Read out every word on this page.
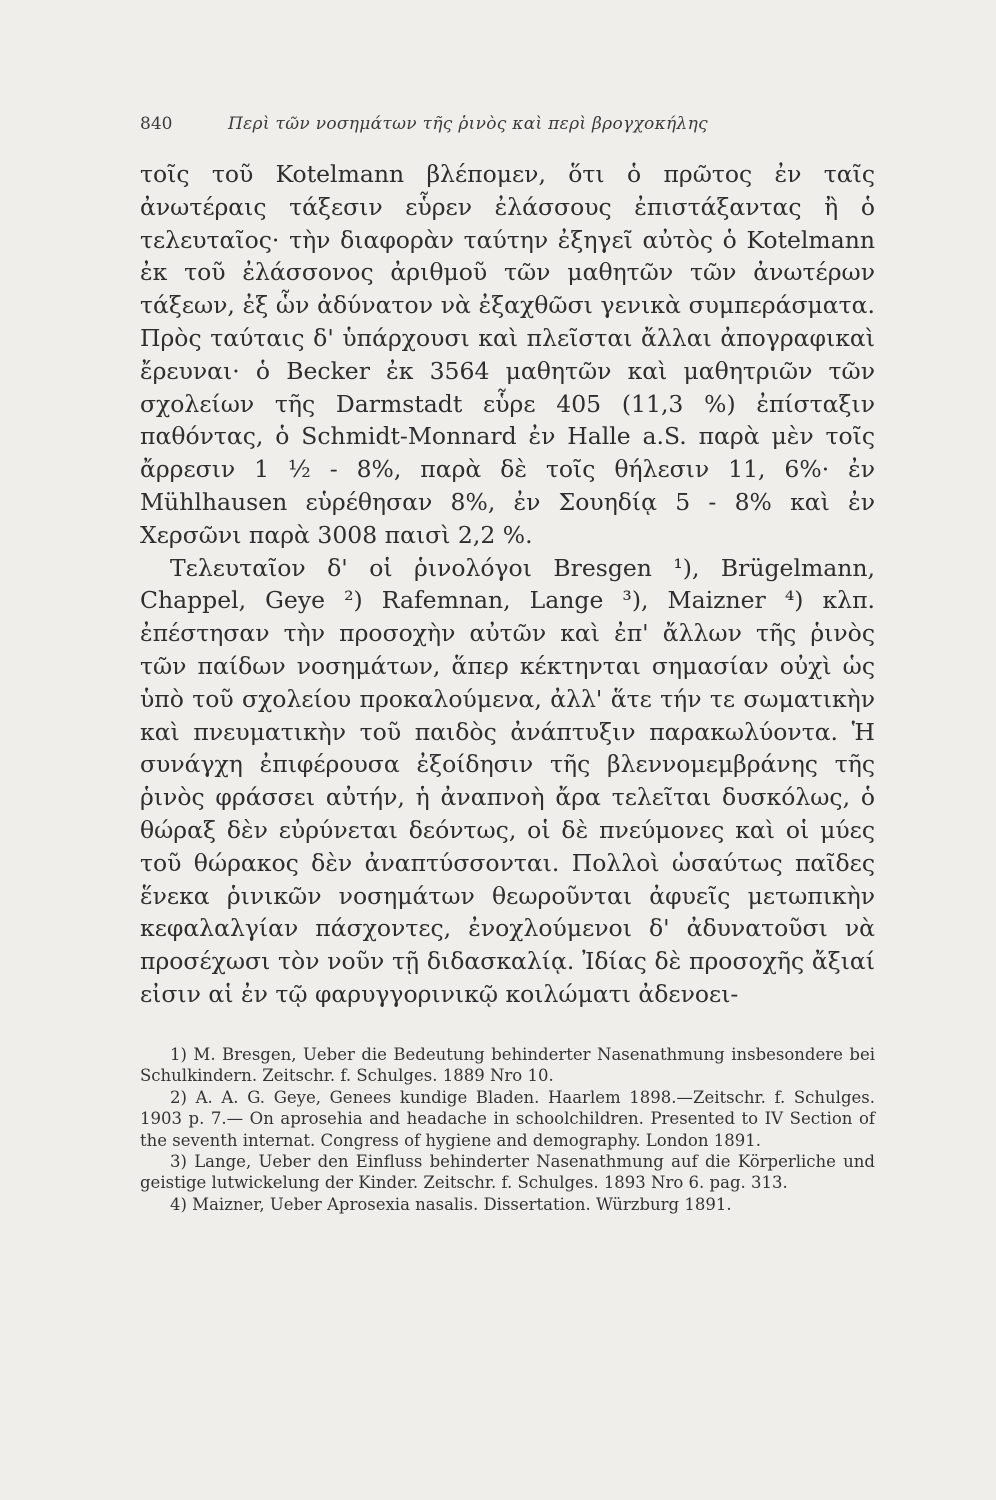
840	Περὶ τῶν νοσημάτων τῆς ῥινὸς καὶ περὶ βρογχοκήλης

τοῖς τοῦ Kotelmann βλέπομεν, ὅτι ὁ πρῶτος ἐν ταῖς ἀνωτέραις τάξεσιν εὗρεν ἐλάσσους ἐπιστάξαντας ἢ ὁ τελευταῖος· τὴν διαφορὰν ταύτην ἐξηγεῖ αὐτὸς ὁ Kotelmann ἐκ τοῦ ἐλάσσονος ἀριθμοῦ τῶν μαθητῶν τῶν ἀνωτέρων τάξεων, ἐξ ὧν ἀδύνατον νὰ ἐξαχθῶσι γενικὰ συμπεράσματα. Πρὸς ταύταις δ' ὑπάρχουσι καὶ πλεῖσται ἄλλαι ἀπογραφικαὶ ἔρευναι· ὁ Becker ἐκ 3564 μαθητῶν καὶ μαθητριῶν τῶν σχολείων τῆς Darmstadt εὗρε 405 (11,3 %) ἐπίσταξιν παθόντας, ὁ Schmidt-Monnard ἐν Halle a.S. παρὰ μὲν τοῖς ἄρρεσιν 1 ½ - 8%, παρὰ δὲ τοῖς θήλεσιν 11, 6%· ἐν Mühlhausen εὑρέθησαν 8%, ἐν Σουηδίᾳ 5 - 8% καὶ ἐν Χερσῶνι παρὰ 3008 παισὶ 2,2 %.

Τελευταῖον δ' οἱ ῥινολόγοι Bresgen ¹), Brügelmann, Chappel, Geye ²) Rafemnan, Lange ³), Maizner ⁴) κλπ. ἐπέστησαν τὴν προσοχὴν αὐτῶν καὶ ἐπ' ἄλλων τῆς ῥινὸς τῶν παίδων νοσημάτων, ἅπερ κέκτηνται σημασίαν οὐχὶ ὡς ὑπὸ τοῦ σχολείου προκαλούμενα, ἀλλ' ἅτε τήν τε σωματικὴν καὶ πνευματικὴν τοῦ παιδὸς ἀνάπτυξιν παρακωλύοντα. Ἡ συνάγχη ἐπιφέρουσα ἐξοίδησιν τῆς βλεννομεμβράνης τῆς ῥινὸς φράσσει αὐτήν, ἡ ἀναπνοὴ ἄρα τελεῖται δυσκόλως, ὁ θώραξ δὲν εὐρύνεται δεόντως, οἱ δὲ πνεύμονες καὶ οἱ μύες τοῦ θώρακος δὲν ἀναπτύσσονται. Πολλοὶ ὡσαύτως παῖδες ἕνεκα ῥινικῶν νοσημάτων θεωροῦνται ἀφυεῖς μετωπικὴν κεφαλαλγίαν πάσχοντες, ἐνοχλούμενοι δ' ἀδυνατοῦσι νὰ προσέχωσι τὸν νοῦν τῇ διδασκαλίᾳ. Ἰδίας δὲ προσοχῆς ἄξιαί εἰσιν αἱ ἐν τῷ φαρυγγορινικῷ κοιλώματι ἀδενοει-

1) M. Bresgen, Ueber die Bedeutung behinderter Nasenathmung insbesondere bei Schulkindern. Zeitschr. f. Schulges. 1889 Nro 10.

2) A. A. G. Geye, Genees kundige Bladen. Haarlem 1898.—Zeitschr. f. Schulges. 1903 p. 7.— On aprosehia and headache in schoolchildren. Presented to IV Section of the seventh internat. Congress of hygiene and demography. London 1891.

3) Lange, Ueber den Einfluss behinderter Nasenathmung auf die Körperliche und geistige lutwickelung der Kinder. Zeitschr. f. Schulges. 1893 Nro 6. pag. 313.

4) Maizner, Ueber Aprosexia nasalis. Dissertation. Würzburg 1891.
